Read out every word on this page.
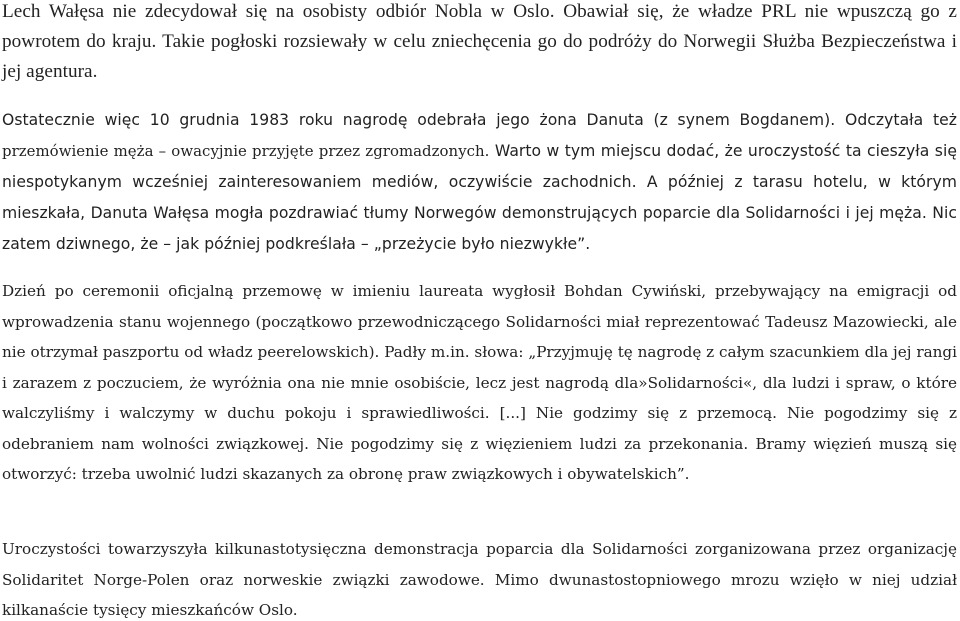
Lech Wałęsa nie zdecydował się na osobisty odbiór Nobla w Oslo. Obawiał się, że władze PRL nie wpuszczą go z powrotem do kraju. Takie pogłoski rozsiewały w celu zniechęcenia go do podróży do Norwegii Służba Bezpieczeństwa i jej agentura.

Ostatecznie więc 10 grudnia 1983 roku nagrodę odebrała jego żona Danuta (z synem Bogdanem). Odczytała też przemówienie męża – owacyjnie przyjęte przez zgromadzonych. Warto w tym miejscu dodać, że uroczystość ta cieszyła się niespotykanym wcześniej zainteresowaniem mediów, oczywiście zachodnich. A później z tarasu hotelu, w którym mieszkała, Danuta Wałęsa mogła pozdrawiać tłumy Norwegów demonstrujących poparcie dla Solidarności i jej męża. Nic zatem dziwnego, że – jak później podkreślała – „przeżycie było niezwykłe”.

Dzień po ceremonii oficjalną przemowę w imieniu laureata wygłosił Bohdan Cywiński, przebywający na emigracji od wprowadzenia stanu wojennego (początkowo przewodniczącego Solidarności miał reprezentować Tadeusz Mazowiecki, ale nie otrzymał paszportu od władz peerelowskich). Padły m.in. słowa: „Przyjmuję tę nagrodę z całym szacunkiem dla jej rangi i zarazem z poczuciem, że wyróżnia ona nie mnie osobiście, lecz jest nagrodą dla»Solidarności«, dla ludzi i spraw, o które walczyliśmy i walczymy w duchu pokoju i sprawiedliwości. [...] Nie godzimy się z przemocą. Nie pogodzimy się z odebraniem nam wolności związkowej. Nie pogodzimy się z więzieniem ludzi za przekonania. Bramy więzień muszą się otworzyć: trzeba uwolnić ludzi skazanych za obronę praw związkowych i obywatelskich”.

Uroczystości towarzyszyła kilkunastotysięczna demonstracja poparcia dla Solidarności zorganizowana przez organizację Solidaritet Norge-Polen oraz norweskie związki zawodowe. Mimo dwunastostopniowego mrozu wzięło w niej udział kilkanaście tysięcy mieszkańców Oslo.
